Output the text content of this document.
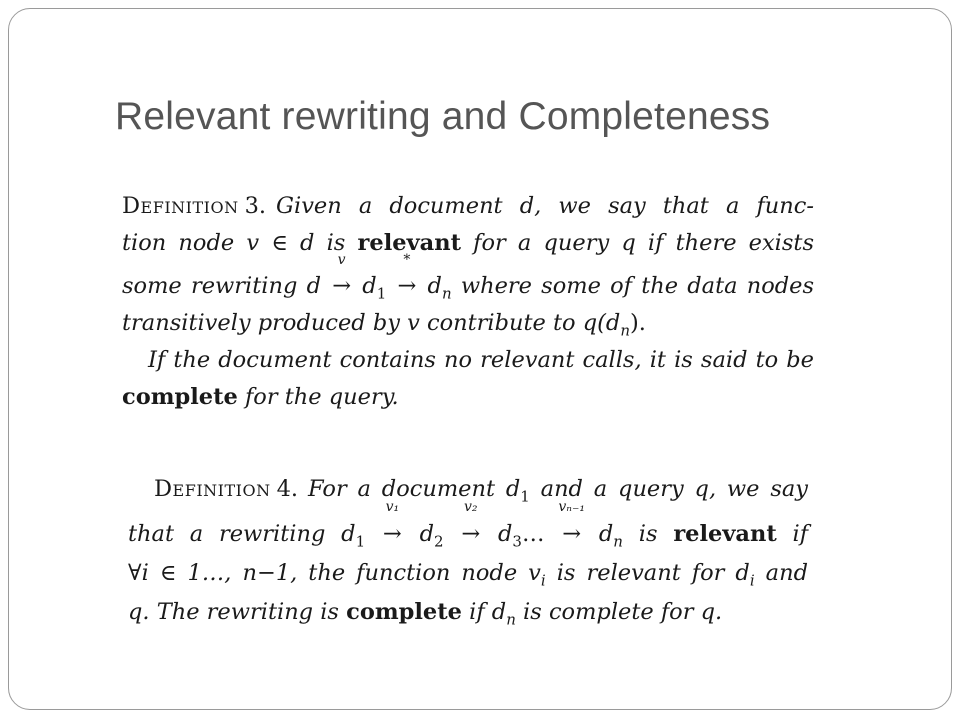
Relevant rewriting and Completeness
Definition 3. Given a document d, we say that a func-
tion node v ∈ d is relevant for a query q if there exists
some rewriting d
v
→ $d_1$
*
→ $d_n$ where some of the data nodes
transitively produced by v contribute to $q(d_n)$.
If the document contains no relevant calls, it is said to be
complete for the query.
Definition 4. For a document $d_1$ and a query q, we say
that a rewriting $d_1$
v₁
→ $d_2$
v₂
→ $d_3\dots$
vₙ₋₁
→ $d_n$ is relevant if
∀i ∈ 1…, n−1, the function node $v_i$ is relevant for $d_i$ and
q. The rewriting is complete if $d_n$ is complete for q.
